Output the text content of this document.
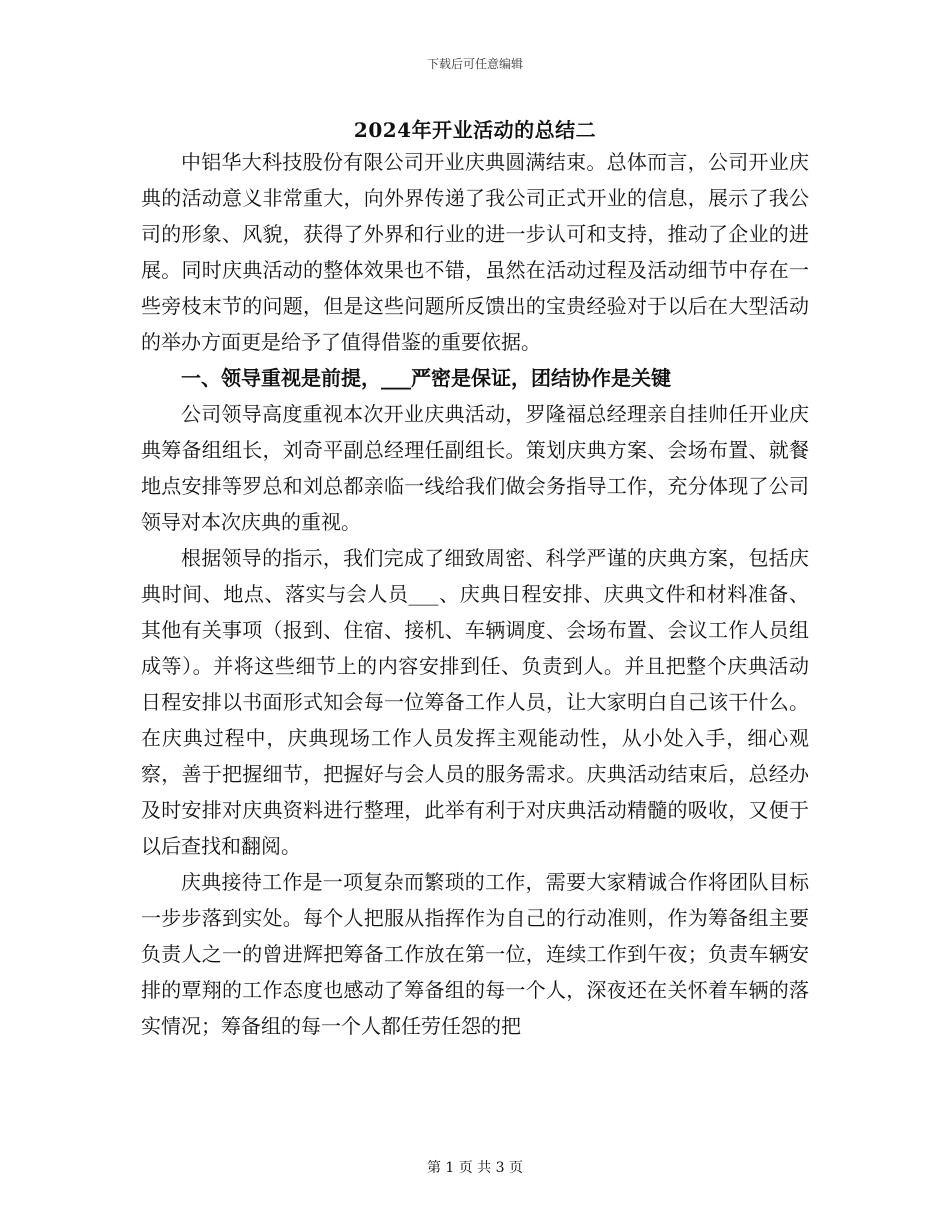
下载后可任意编辑
2024年开业活动的总结二

中铝华大科技股份有限公司开业庆典圆满结束。总体而言，公司开业庆典的活动意义非常重大，向外界传递了我公司正式开业的信息，展示了我公司的形象、风貌，获得了外界和行业的进一步认可和支持，推动了企业的进展。同时庆典活动的整体效果也不错，虽然在活动过程及活动细节中存在一些旁枝末节的问题，但是这些问题所反馈出的宝贵经验对于以后在大型活动的举办方面更是给予了值得借鉴的重要依据。

一、领导重视是前提，___严密是保证，团结协作是关键

公司领导高度重视本次开业庆典活动，罗隆福总经理亲自挂帅任开业庆典筹备组组长，刘奇平副总经理任副组长。策划庆典方案、会场布置、就餐地点安排等罗总和刘总都亲临一线给我们做会务指导工作，充分体现了公司领导对本次庆典的重视。

根据领导的指示，我们完成了细致周密、科学严谨的庆典方案，包括庆典时间、地点、落实与会人员___、庆典日程安排、庆典文件和材料准备、其他有关事项（报到、住宿、接机、车辆调度、会场布置、会议工作人员组成等）。并将这些细节上的内容安排到任、负责到人。并且把整个庆典活动日程安排以书面形式知会每一位筹备工作人员，让大家明白自己该干什么。在庆典过程中，庆典现场工作人员发挥主观能动性，从小处入手，细心观察，善于把握细节，把握好与会人员的服务需求。庆典活动结束后，总经办及时安排对庆典资料进行整理，此举有利于对庆典活动精髓的吸收，又便于以后查找和翻阅。

庆典接待工作是一项复杂而繁琐的工作，需要大家精诚合作将团队目标一步步落到实处。每个人把服从指挥作为自己的行动准则，作为筹备组主要负责人之一的曾进辉把筹备工作放在第一位，连续工作到午夜；负责车辆安排的覃翔的工作态度也感动了筹备组的每一个人，深夜还在关怀着车辆的落实情况；筹备组的每一个人都任劳任怨的把

第 1 页 共 3 页
